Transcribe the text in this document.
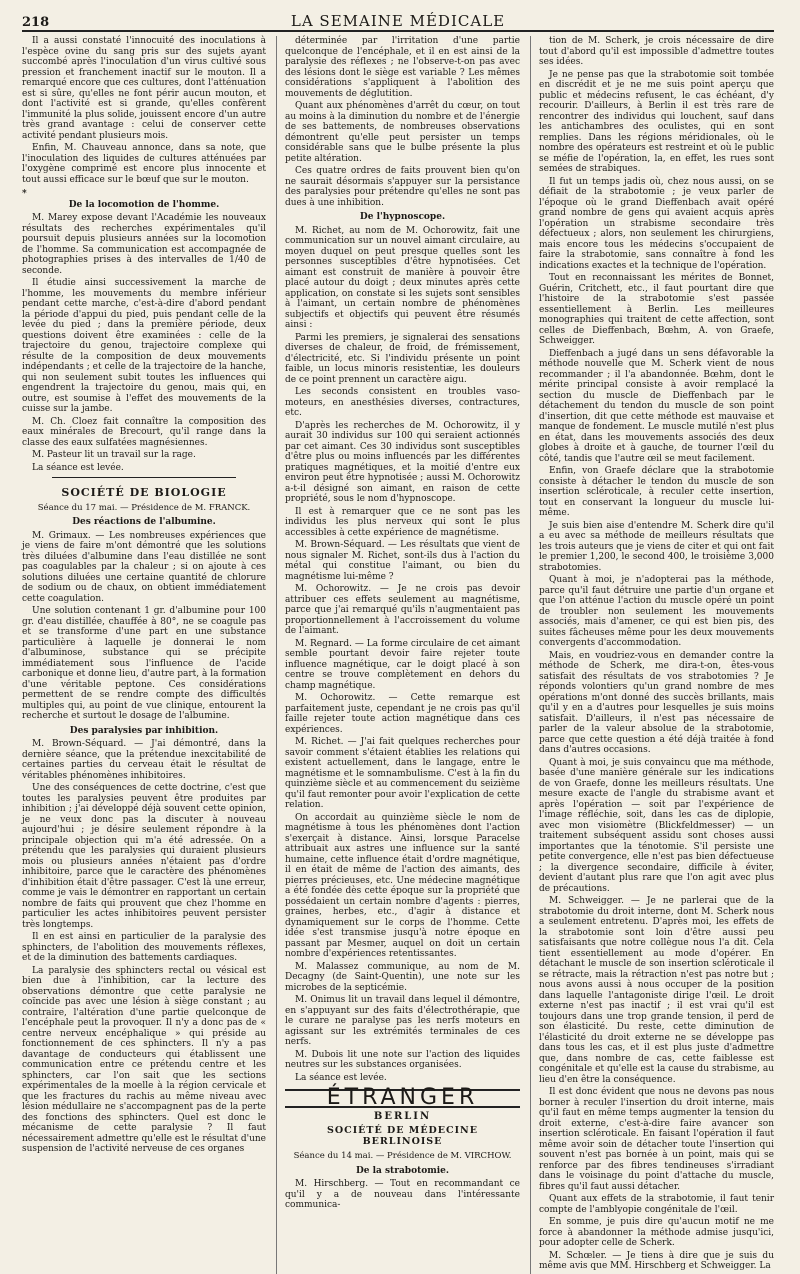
218	LA SEMAINE MÉDICALE

Il a aussi constaté l'innocuité des inoculations à l'espèce ovine du sang pris sur des sujets ayant succombé après l'inoculation d'un virus cultivé sous pression et franchement inactif sur le mouton. Il a remarqué encore que ces cultures, dont l'atténuation est si sûre, qu'elles ne font périr aucun mouton, et dont l'activité est si grande, qu'elles confèrent l'immunité la plus solide, jouissent encore d'un autre très grand avantage : celui de conserver cette activité pendant plusieurs mois.

Enfin, M. Chauveau annonce, dans sa note, que l'inoculation des liquides de cultures atténuées par l'oxygène comprimé est encore plus innocente et tout aussi efficace sur le bœuf que sur le mouton.

* De la locomotion de l'homme.

M. Marey expose devant l'Académie les nouveaux résultats des recherches expérimentales qu'il poursuit depuis plusieurs années sur la locomotion de l'homme. Sa communication est accompagnée de photographies prises à des intervalles de 1/40 de seconde.

Il étudie ainsi successivement la marche de l'homme, les mouvements du membre inférieur pendant cette marche, c'est-à-dire d'abord pendant la période d'appui du pied, puis pendant celle de la levée du pied ; dans la première période, deux questions doivent être examinées : celle de la trajectoire du genou, trajectoire complexe qui résulte de la composition de deux mouvements indépendants ; et celle de la trajectoire de la hanche, qui non seulement subit toutes les influences qui engendrent la trajectoire du genou, mais qui, en outre, est soumise à l'effet des mouvements de la cuisse sur la jambe.

M. Ch. Cloez fait connaître la composition des eaux minérales de Brecourt, qu'il range dans la classe des eaux sulfatées magnésiennes.

M. Pasteur lit un travail sur la rage.

La séance est levée.

SOCIÉTÉ DE BIOLOGIE
Séance du 17 mai. — Présidence de M. FRANCK.
Des réactions de l'albumine.

M. Grimaux. — Les nombreuses expériences que je viens de faire m'ont démontré que les solutions très diluées d'albumine dans l'eau distillée ne sont pas coagulables par la chaleur ; si on ajoute à ces solutions diluées une certaine quantité de chlorure de sodium ou de chaux, on obtient immédiatement cette coagulation.

Une solution contenant 1 gr. d'albumine pour 100 gr. d'eau distillée, chauffée à 80°, ne se coagule pas et se transforme d'une part en une substance particulière à laquelle je donnerai le nom d'albuminose, substance qui se précipite immédiatement sous l'influence de l'acide carbonique et donne lieu, d'autre part, à la formation d'une véritable peptone. Ces considérations permettent de se rendre compte des difficultés multiples qui, au point de vue clinique, entourent la recherche et surtout le dosage de l'albumine.

Des paralysies par inhibition.

M. Brown-Séquard. — J'ai démontré, dans la dernière séance, que la prétendue inexcitabilité de certaines parties du cerveau était le résultat de véritables phénomènes inhibitoires.

Une des conséquences de cette doctrine, c'est que toutes les paralysies peuvent être produites par inhibition ; j'ai développé déjà souvent cette opinion, je ne veux donc pas la discuter à nouveau aujourd'hui ; je désire seulement répondre à la principale objection qui m'a été adressée. On a prétendu que les paralysies qui duraient plusieurs mois ou plusieurs années n'étaient pas d'ordre inhibitoire, parce que le caractère des phénomènes d'inhibition était d'être passager. C'est là une erreur, comme je vais le démontrer en rapportant un certain nombre de faits qui prouvent que chez l'homme en particulier les actes inhibitoires peuvent persister très longtemps.

Il en est ainsi en particulier de la paralysie des sphincters, de l'abolition des mouvements réflexes, et de la diminution des battements cardiaques.

La paralysie des sphincters rectal ou vésical est bien due à l'inhibition, car la lecture des observations démontre que cette paralysie ne coïncide pas avec une lésion à siège constant ; au contraire, l'altération d'une partie quelconque de l'encéphale peut la provoquer. Il n'y a donc pas de « centre nerveux encéphalique » qui préside au fonctionnement de ces sphincters. Il n'y a pas davantage de conducteurs qui établissent une communication entre ce prétendu centre et les sphincters, car l'on sait que les sections expérimentales de la moelle à la région cervicale et que les fractures du rachis au même niveau avec lésion médullaire ne s'accompagnent pas de la perte des fonctions des sphincters. Quel est donc le mécanisme de cette paralysie ? Il faut nécessairement admettre qu'elle est le résultat d'une suspension de l'activité nerveuse de ces organes

déterminée par l'irritation d'une partie quelconque de l'encéphale, et il en est ainsi de la paralysie des réflexes ; ne l'observe-t-on pas avec des lésions dont le siège est variable ? Les mêmes considérations s'appliquent à l'abolition des mouvements de déglutition.

Quant aux phénomènes d'arrêt du cœur, on tout au moins à la diminution du nombre et de l'énergie de ses battements, de nombreuses observations démontrent qu'elle peut persister un temps considérable sans que le bulbe présente la plus petite altération.

Ces quatre ordres de faits prouvent bien qu'on ne saurait désormais s'appuyer sur la persistance des paralysies pour prétendre qu'elles ne sont pas dues à une inhibition.

De l'hypnoscope.

M. Richet, au nom de M. Ochorowitz, fait une communication sur un nouvel aimant circulaire, au moyen duquel on peut presque quelles sont les personnes susceptibles d'être hypnotisées. Cet aimant est construit de manière à pouvoir être placé autour du doigt ; deux minutes après cette application, on constate si les sujets sont sensibles à l'aimant, un certain nombre de phénomènes subjectifs et objectifs qui peuvent être résumés ainsi :

Parmi les premiers, je signalerai des sensations diverses de chaleur, de froid, de frémissement, d'électricité, etc. Si l'individu présente un point faible, un locus minoris resistentiæ, les douleurs de ce point prennent un caractère aigu.

Les seconds consistent en troubles vaso-moteurs, en anesthésies diverses, contractures, etc.

D'après les recherches de M. Ochorowitz, il y aurait 30 individus sur 100 qui seraient actionnés par cet aimant. Ces 30 individus sont susceptibles d'être plus ou moins influencés par les différentes pratiques magnétiques, et la moitié d'entre eux environ peut être hypnotisée ; aussi M. Ochorowitz a-t-il désigné son aimant, en raison de cette propriété, sous le nom d'hypnoscope.

Il est à remarquer que ce ne sont pas les individus les plus nerveux qui sont le plus accessibles à cette expérience de magnétisme.

M. Brown-Séquard. — Les résultats que vient de nous signaler M. Richet, sont-ils dus à l'action du métal qui constitue l'aimant, ou bien du magnétisme lui-même ?

M. Ochorowitz. — Je ne crois pas devoir attribuer ces effets seulement au magnétisme, parce que j'ai remarqué qu'ils n'augmentaient pas proportionnellement à l'accroissement du volume de l'aimant.

M. Regnard. — La forme circulaire de cet aimant semble pourtant devoir faire rejeter toute influence magnétique, car le doigt placé à son centre se trouve complètement en dehors du champ magnétique.

M. Ochorowitz. — Cette remarque est parfaitement juste, cependant je ne crois pas qu'il faille rejeter toute action magnétique dans ces expériences.

M. Richet. — J'ai fait quelques recherches pour savoir comment s'étaient établies les relations qui existent actuellement, dans le langage, entre le magnétisme et le somnambulisme. C'est à la fin du quinzième siècle et au commencement du seizième qu'il faut remonter pour avoir l'explication de cette relation.

On accordait au quinzième siècle le nom de magnétisme à tous les phénomènes dont l'action s'exerçait à distance. Ainsi, lorsque Paracelse attribuait aux astres une influence sur la santé humaine, cette influence était d'ordre magnétique, il en était de même de l'action des aimants, des pierres précieuses, etc. Une médecine magnétique a été fondée dès cette époque sur la propriété que possédaient un certain nombre d'agents : pierres, graines, herbes, etc., d'agir à distance et dynamiquement sur le corps de l'homme. Cette idée s'est transmise jusqu'à notre époque en passant par Mesmer, auquel on doit un certain nombre d'expériences retentissantes.

M. Malassez communique, au nom de M. Decagny (de Saint-Quentin), une note sur les microbes de la septicémie.

M. Onimus lit un travail dans lequel il démontre, en s'appuyant sur des faits d'électrothérapie, que le curare ne paralyse pas les nerfs moteurs en agissant sur les extrémités terminales de ces nerfs.

M. Dubois lit une note sur l'action des liquides neutres sur les substances organisées.

La séance est levée.

ÉTRANGER
BERLIN
SOCIÉTÉ DE MÉDECINE BERLINOISE
Séance du 14 mai. — Présidence de M. VIRCHOW.
De la strabotomie.

M. Hirschberg. — Tout en recommandant ce qu'il y a de nouveau dans l'intéressante communica-

tion de M. Scherk, je crois nécessaire de dire tout d'abord qu'il est impossible d'admettre toutes ses idées.

Je ne pense pas que la strabotomie soit tombée en discrédit et je ne me suis point aperçu que public et médecins refusent, le cas échéant, d'y recourir. D'ailleurs, à Berlin il est très rare de rencontrer des individus qui louchent, sauf dans les antichambres des oculistes, qui en sont remplies. Dans les régions méridionales, où le nombre des opérateurs est restreint et où le public se méfie de l'opération, la, en effet, les rues sont semées de strabiques.

Il fut un temps jadis où, chez nous aussi, on se défiait de la strabotomie ; je veux parler de l'époque où le grand Dieffenbach avait opéré grand nombre de gens qui avaient acquis après l'opération un strabisme secondaire très défectueux ; alors, non seulement les chirurgiens, mais encore tous les médecins s'occupaient de faire la strabotomie, sans connaître à fond les indications exactes et la technique de l'opération.

Tout en reconnaissant les mérites de Bonnet, Guérin, Critchett, etc., il faut pourtant dire que l'histoire de la strabotomie s'est passée essentiellement à Berlin. Les meilleures monographies qui traitent de cette affection, sont celles de Dieffenbach, Bœhm, A. von Graefe, Schweigger.

Dieffenbach a jugé dans un sens défavorable la méthode nouvelle que M. Scherk vient de nous recommander ; il l'a abandonnée. Bœhm, dont le mérite principal consiste à avoir remplacé la section du muscle de Dieffenbach par le détachement du tendon du muscle de son point d'insertion, dit que cette méthode est mauvaise et manque de fondement. Le muscle mutilé n'est plus en état, dans les mouvements associés des deux globes à droite et à gauche, de tourner l'œil du côté, tandis que l'autre œil se meut facilement.

Enfin, von Graefe déclare que la strabotomie consiste à détacher le tendon du muscle de son insertion scléroticale, à reculer cette insertion, tout en conservant la longueur du muscle lui-même.

Je suis bien aise d'entendre M. Scherk dire qu'il a eu avec sa méthode de meilleurs résultats que les trois auteurs que je viens de citer et qui ont fait le premier 1,200, le second 400, le troisième 3,000 strabotomies.

Quant à moi, je n'adopterai pas la méthode, parce qu'il faut détruire une partie d'un organe et que l'on atténue l'action du muscle opéré un point de troubler non seulement les mouvements associés, mais d'amener, ce qui est bien pis, des suites fâcheuses même pour les deux mouvements convergents d'accommodation.

Mais, en voudriez-vous en demander contre la méthode de Scherk, me dira-t-on, êtes-vous satisfait des résultats de vos strabotomies ? Je réponds volontiers qu'un grand nombre de mes opérations m'ont donné des succès brillants, mais qu'il y en a d'autres pour lesquelles je suis moins satisfait. D'ailleurs, il n'est pas nécessaire de parler de la valeur absolue de la strabotomie, parce que cette question a été déjà traitée à fond dans d'autres occasions.

Quant à moi, je suis convaincu que ma méthode, basée d'une manière générale sur les indications de von Graefe, donne les meilleurs résultats. Une mesure exacte de l'angle du strabisme avant et après l'opération — soit par l'expérience de l'image réfléchie, soit, dans les cas de diplopie, avec mon visiomètre (Blickfeldmesser) — un traitement subséquent assidu sont choses aussi importantes que la ténotomie. S'il persiste une petite convergence, elle n'est pas bien défectueuse ; la divergence secondaire, difficile à éviter, devient d'autant plus rare que l'on agit avec plus de précautions.

M. Schweigger. — Je ne parlerai que de la strabotomie du droit interne, dont M. Scherk nous a seulement entretenu. D'après moi, les effets de la strabotomie sont loin d'être aussi peu satisfaisants que notre collègue nous l'a dit. Cela tient essentiellement au mode d'opérer. En détachant le muscle de son insertion scléroticale il se rétracte, mais la rétraction n'est pas notre but ; nous avons aussi à nous occuper de la position dans laquelle l'antagoniste dirige l'œil. Le droit externe n'est pas inactif ; il est vrai qu'il est toujours dans une trop grande tension, il perd de son élasticité. Du reste, cette diminution de l'élasticité du droit externe ne se développe pas dans tous les cas, et il est plus juste d'admettre que, dans nombre de cas, cette faiblesse est congénitale et qu'elle est la cause du strabisme, au lieu d'en être la conséquence.

Il est donc évident que nous ne devons pas nous borner à reculer l'insertion du droit interne, mais qu'il faut en même temps augmenter la tension du droit externe, c'est-à-dire faire avancer son insertion scléroticale. En faisant l'opération il faut même avoir soin de détacher toute l'insertion qui souvent n'est pas bornée à un point, mais qui se renforce par des fibres tendineuses s'irradiant dans le voisinage du point d'attache du muscle, fibres qu'il faut aussi détacher.

Quant aux effets de la strabotomie, il faut tenir compte de l'amblyopie congénitale de l'œil.

En somme, je puis dire qu'aucun motif ne me force à abandonner la méthode admise jusqu'ici, pour adopter celle de Scherk.

M. Schœler. — Je tiens à dire que je suis du même avis que MM. Hirschberg et Schweigger. La
